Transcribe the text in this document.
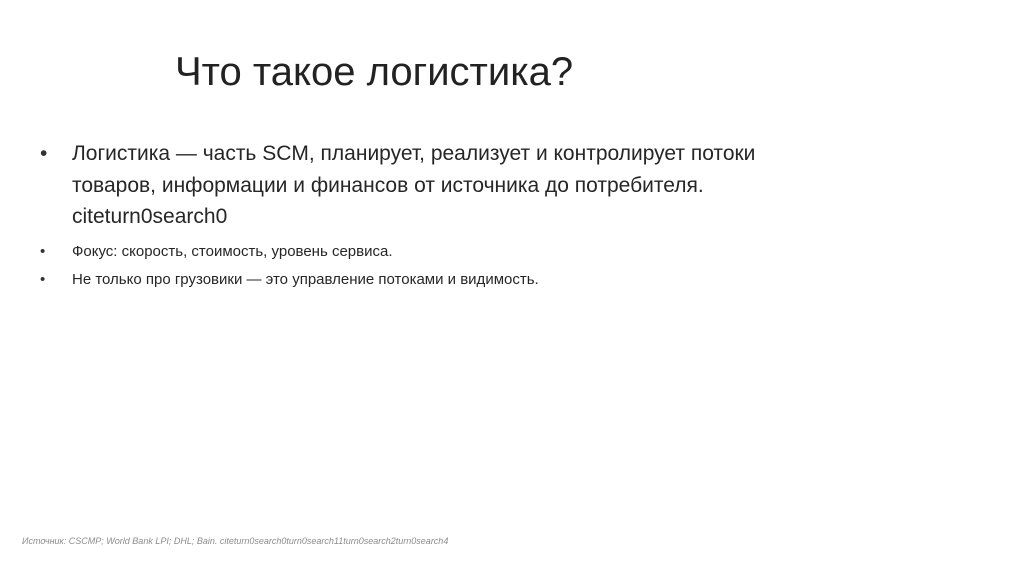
Что такое логистика?
• Логистика — часть SCM, планирует, реализует и контролирует потоки товаров, информации и финансов от источника до потребителя. citeturn0search0
• Фокус: скорость, стоимость, уровень сервиса.
• Не только про грузовики — это управление потоками и видимость.
Источник: CSCMP; World Bank LPI; DHL; Bain. citeturn0search0turn0search11turn0search2turn0search4
